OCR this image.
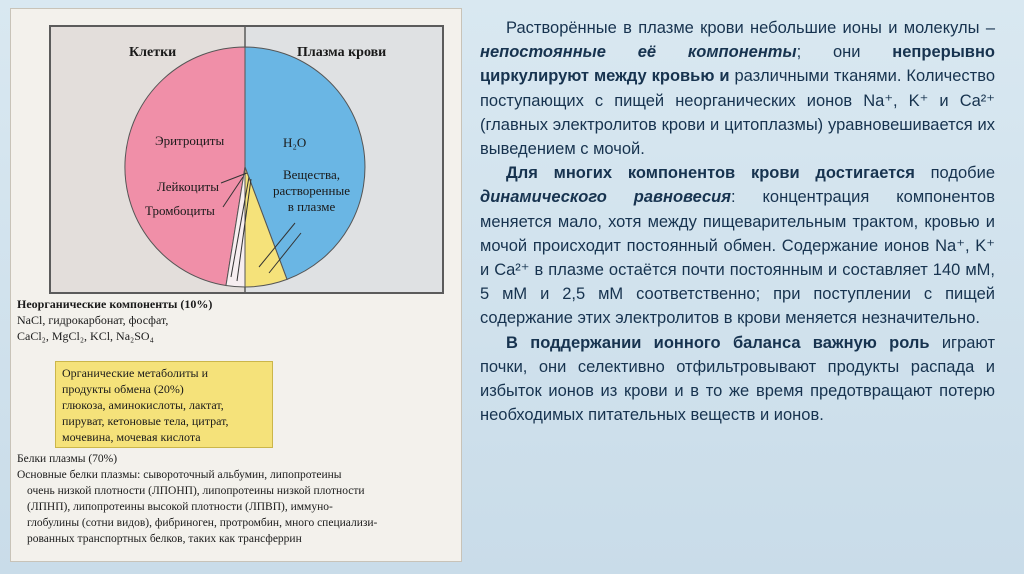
Клетки	Плазма крови
Эритроциты
Лейкоциты
Тромбоциты
H₂O
Вещества,
растворенные
в плазме
Неорганические компоненты (10%)
NaCl, гидрокарбонат, фосфат,
CaCl₂, MgCl₂, KCl, Na₂SO₄
Органические метаболиты и
продукты обмена (20%)
глюкоза, аминокислоты, лактат,
пируват, кетоновые тела, цитрат,
мочевина, мочевая кислота
Белки плазмы (70%)
Основные белки плазмы: сывороточный альбумин, липопротеины
очень низкой плотности (ЛПОНП), липопротеины низкой плотности
(ЛПНП), липопротеины высокой плотности (ЛПВП), иммуно-
глобулины (сотни видов), фибриноген, протромбин, много специализи-
рованных транспортных белков, таких как трансферрин

Растворённые в плазме крови небольшие ионы и молекулы – непостоянные её компоненты; они непрерывно циркулируют между кровью и различными тканями. Количество поступающих с пищей неорганических ионов Na⁺, K⁺ и Ca²⁺ (главных электролитов крови и цитоплазмы) уравновешивается их выведением с мочой.

Для многих компонентов крови достигается подобие динамического равновесия: концентрация компонентов меняется мало, хотя между пищеварительным трактом, кровью и мочой происходит постоянный обмен. Содержание ионов Na⁺, K⁺ и Ca²⁺ в плазме остаётся почти постоянным и составляет 140 мМ, 5 мМ и 2,5 мМ соответственно; при поступлении с пищей содержание этих электролитов в крови меняется незначительно.

В поддержании ионного баланса важную роль играют почки, они селективно отфильтровывают продукты распада и избыток ионов из крови и в то же время предотвращают потерю необходимых питательных веществ и ионов.
